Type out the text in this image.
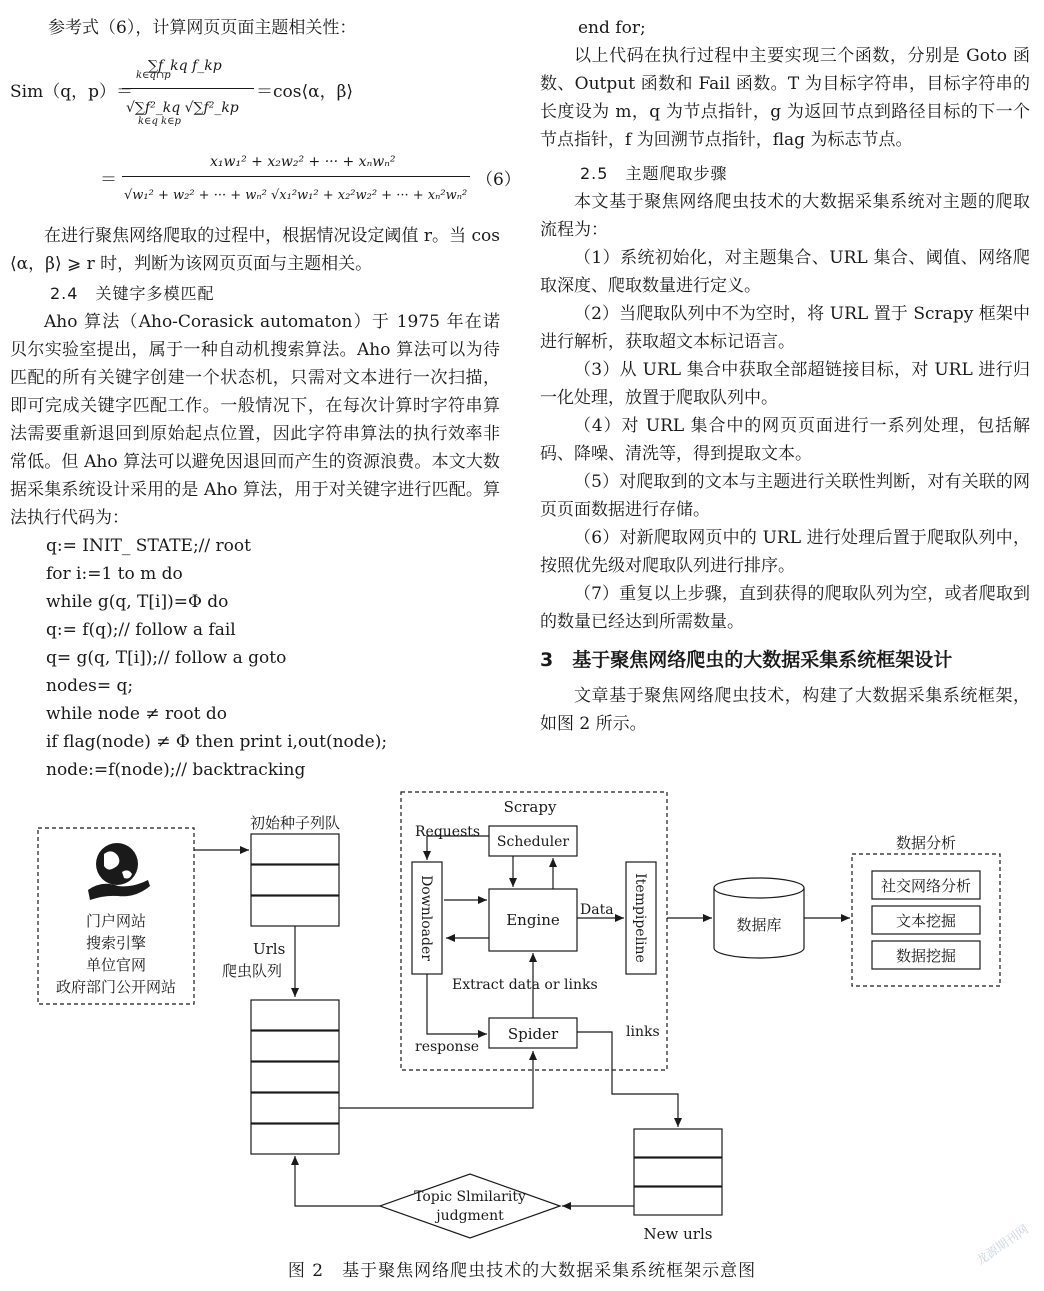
参考式（6），计算网页页面主题相关性：

Sim（q，p）＝
∑f_kq f_kp
k∈q∩p
√∑f²_kq √∑f²_kp
k∈q k∈p
＝cos⟨α，β⟩
＝
x₁w₁² + x₂w₂² + ··· + xₙwₙ²
√w₁² + w₂² + ··· + wₙ² √x₁²w₁² + x₂²w₂² + ··· + xₙ²wₙ²
（6）

在进行聚焦网络爬取的过程中，根据情况设定阈值 r。当 cos ⟨α，β⟩ ⩾ r 时，判断为该网页页面与主题相关。

2.4　关键字多模匹配

Aho 算法（Aho-Corasick automaton）于 1975 年在诺贝尔实验室提出，属于一种自动机搜索算法。Aho 算法可以为待匹配的所有关键字创建一个状态机，只需对文本进行一次扫描，即可完成关键字匹配工作。一般情况下，在每次计算时字符串算法需要重新退回到原始起点位置，因此字符串算法的执行效率非常低。但 Aho 算法可以避免因退回而产生的资源浪费。本文大数据采集系统设计采用的是 Aho 算法，用于对关键字进行匹配。算法执行代码为：

q:= INIT_ STATE;// root

for i:=1 to m do

while g(q, T[i])=Φ do

q:= f(q);// follow a fail

q= g(q, T[i]);// follow a goto

nodes= q;

while node ≠ root do

if flag(node) ≠ Φ then print i,out(node);

node:=f(node);// backtracking

end for;

以上代码在执行过程中主要实现三个函数，分别是 Goto 函数、Output 函数和 Fail 函数。T 为目标字符串，目标字符串的长度设为 m，q 为节点指针，g 为返回节点到路径目标的下一个节点指针，f 为回溯节点指针，flag 为标志节点。

2.5　主题爬取步骤

本文基于聚焦网络爬虫技术的大数据采集系统对主题的爬取流程为：

（1）系统初始化，对主题集合、URL 集合、阈值、网络爬取深度、爬取数量进行定义。

（2）当爬取队列中不为空时，将 URL 置于 Scrapy 框架中进行解析，获取超文本标记语言。

（3）从 URL 集合中获取全部超链接目标，对 URL 进行归一化处理，放置于爬取队列中。

（4）对 URL 集合中的网页页面进行一系列处理，包括解码、降噪、清洗等，得到提取文本。

（5）对爬取到的文本与主题进行关联性判断，对有关联的网页页面数据进行存储。

（6）对新爬取网页中的 URL 进行处理后置于爬取队列中，按照优先级对爬取队列进行排序。

（7）重复以上步骤，直到获得的爬取队列为空，或者爬取到的数量已经达到所需数量。

3　基于聚焦网络爬虫的大数据采集系统框架设计

文章基于聚焦网络爬虫技术，构建了大数据采集系统框架，如图 2 所示。

门户网站
搜索引擎
单位官网
政府部门公开网站
初始种子列队
Urls
爬虫队列
Scrapy
Requests
Scheduler
Downloader	Engine
Data Itempipeline
Extract data or links
Spider
response
links
数据库
数据分析
社交网络分析
文本挖掘
数据挖掘
Topic Slmilarity
judgment
New urls
图 2　基于聚焦网络爬虫技术的大数据采集系统框架示意图
龙源期刊网
